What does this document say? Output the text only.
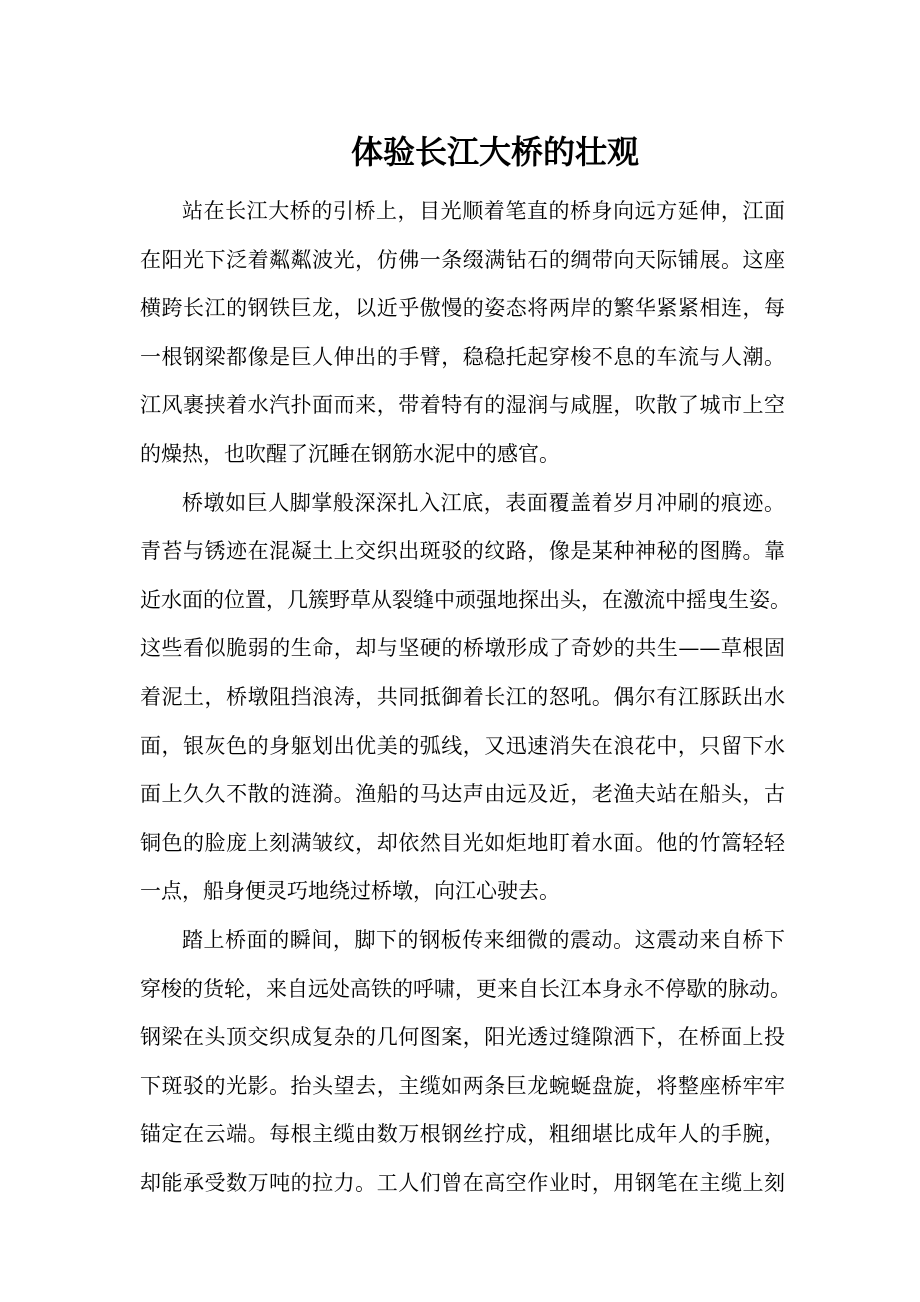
体验长江大桥的壮观

站在长江大桥的引桥上，目光顺着笔直的桥身向远方延伸，江面
在阳光下泛着粼粼波光，仿佛一条缀满钻石的绸带向天际铺展。这座
横跨长江的钢铁巨龙，以近乎傲慢的姿态将两岸的繁华紧紧相连，每
一根钢梁都像是巨人伸出的手臂，稳稳托起穿梭不息的车流与人潮。
江风裹挟着水汽扑面而来，带着特有的湿润与咸腥，吹散了城市上空
的燥热，也吹醒了沉睡在钢筋水泥中的感官。

桥墩如巨人脚掌般深深扎入江底，表面覆盖着岁月冲刷的痕迹。
青苔与锈迹在混凝土上交织出斑驳的纹路，像是某种神秘的图腾。靠
近水面的位置，几簇野草从裂缝中顽强地探出头，在激流中摇曳生姿。
这些看似脆弱的生命，却与坚硬的桥墩形成了奇妙的共生——草根固
着泥土，桥墩阻挡浪涛，共同抵御着长江的怒吼。偶尔有江豚跃出水
面，银灰色的身躯划出优美的弧线，又迅速消失在浪花中，只留下水
面上久久不散的涟漪。渔船的马达声由远及近，老渔夫站在船头，古
铜色的脸庞上刻满皱纹，却依然目光如炬地盯着水面。他的竹篙轻轻
一点，船身便灵巧地绕过桥墩，向江心驶去。

踏上桥面的瞬间，脚下的钢板传来细微的震动。这震动来自桥下
穿梭的货轮，来自远处高铁的呼啸，更来自长江本身永不停歇的脉动。
钢梁在头顶交织成复杂的几何图案，阳光透过缝隙洒下，在桥面上投
下斑驳的光影。抬头望去，主缆如两条巨龙蜿蜒盘旋，将整座桥牢牢
锚定在云端。每根主缆由数万根钢丝拧成，粗细堪比成年人的手腕，
却能承受数万吨的拉力。工人们曾在高空作业时，用钢笔在主缆上刻
